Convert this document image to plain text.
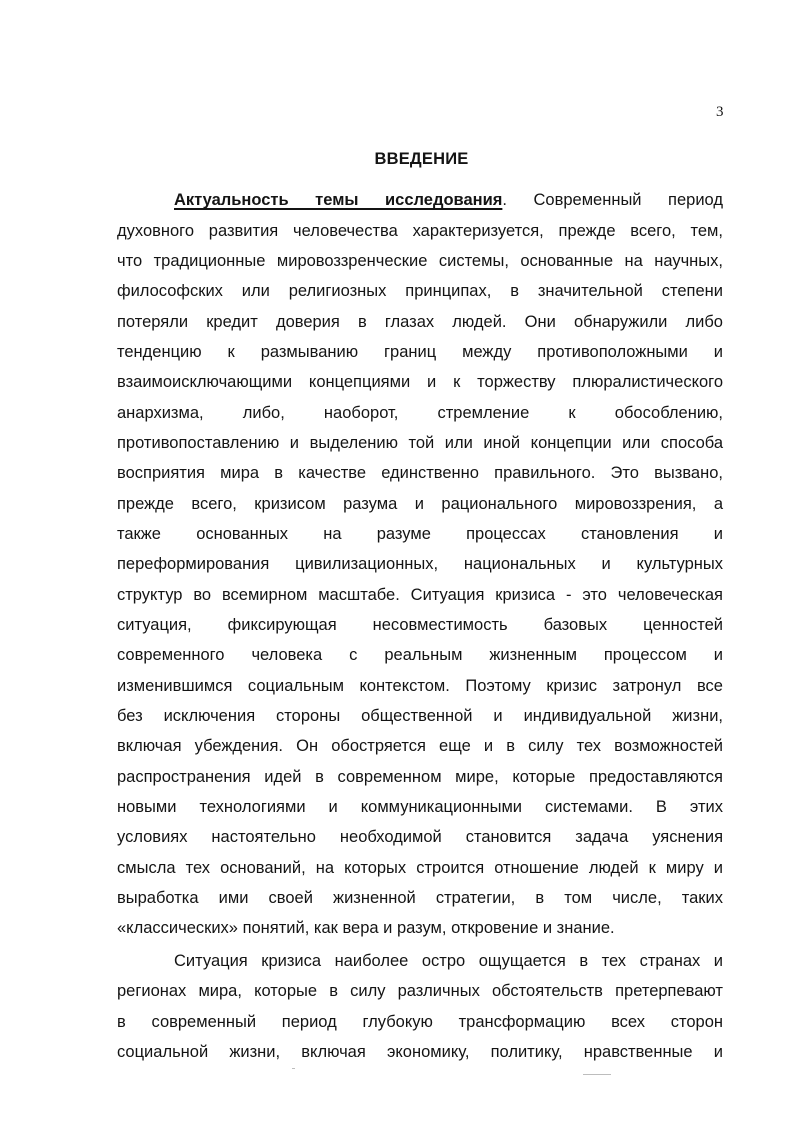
3
ВВЕДЕНИЕ
Актуальность темы исследования. Современный период
духовного развития человечества характеризуется, прежде всего, тем,
что традиционные мировоззренческие системы, основанные на научных,
философских или религиозных принципах, в значительной степени
потеряли кредит доверия в глазах людей. Они обнаружили либо
тенденцию к размыванию границ между противоположными и
взаимоисключающими концепциями и к торжеству плюралистического
анархизма, либо, наоборот, стремление к обособлению,
противопоставлению и выделению той или иной концепции или способа
восприятия мира в качестве единственно правильного. Это вызвано,
прежде всего, кризисом разума и рационального мировоззрения, а
также основанных на разуме процессах становления и
переформирования цивилизационных, национальных и культурных
структур во всемирном масштабе. Ситуация кризиса - это человеческая
ситуация, фиксирующая несовместимость базовых ценностей
современного человека с реальным жизненным процессом и
изменившимся социальным контекстом. Поэтому кризис затронул все
без исключения стороны общественной и индивидуальной жизни,
включая убеждения. Он обостряется еще и в силу тех возможностей
распространения идей в современном мире, которые предоставляются
новыми технологиями и коммуникационными системами. В этих
условиях настоятельно необходимой становится задача уяснения
смысла тех оснований, на которых строится отношение людей к миру и
выработка ими своей жизненной стратегии, в том числе, таких
«классических» понятий, как вера и разум, откровение и знание.
Ситуация кризиса наиболее остро ощущается в тех странах и
регионах мира, которые в силу различных обстоятельств претерпевают
в современный период глубокую трансформацию всех сторон
социальной жизни, включая экономику, политику, нравственные и
